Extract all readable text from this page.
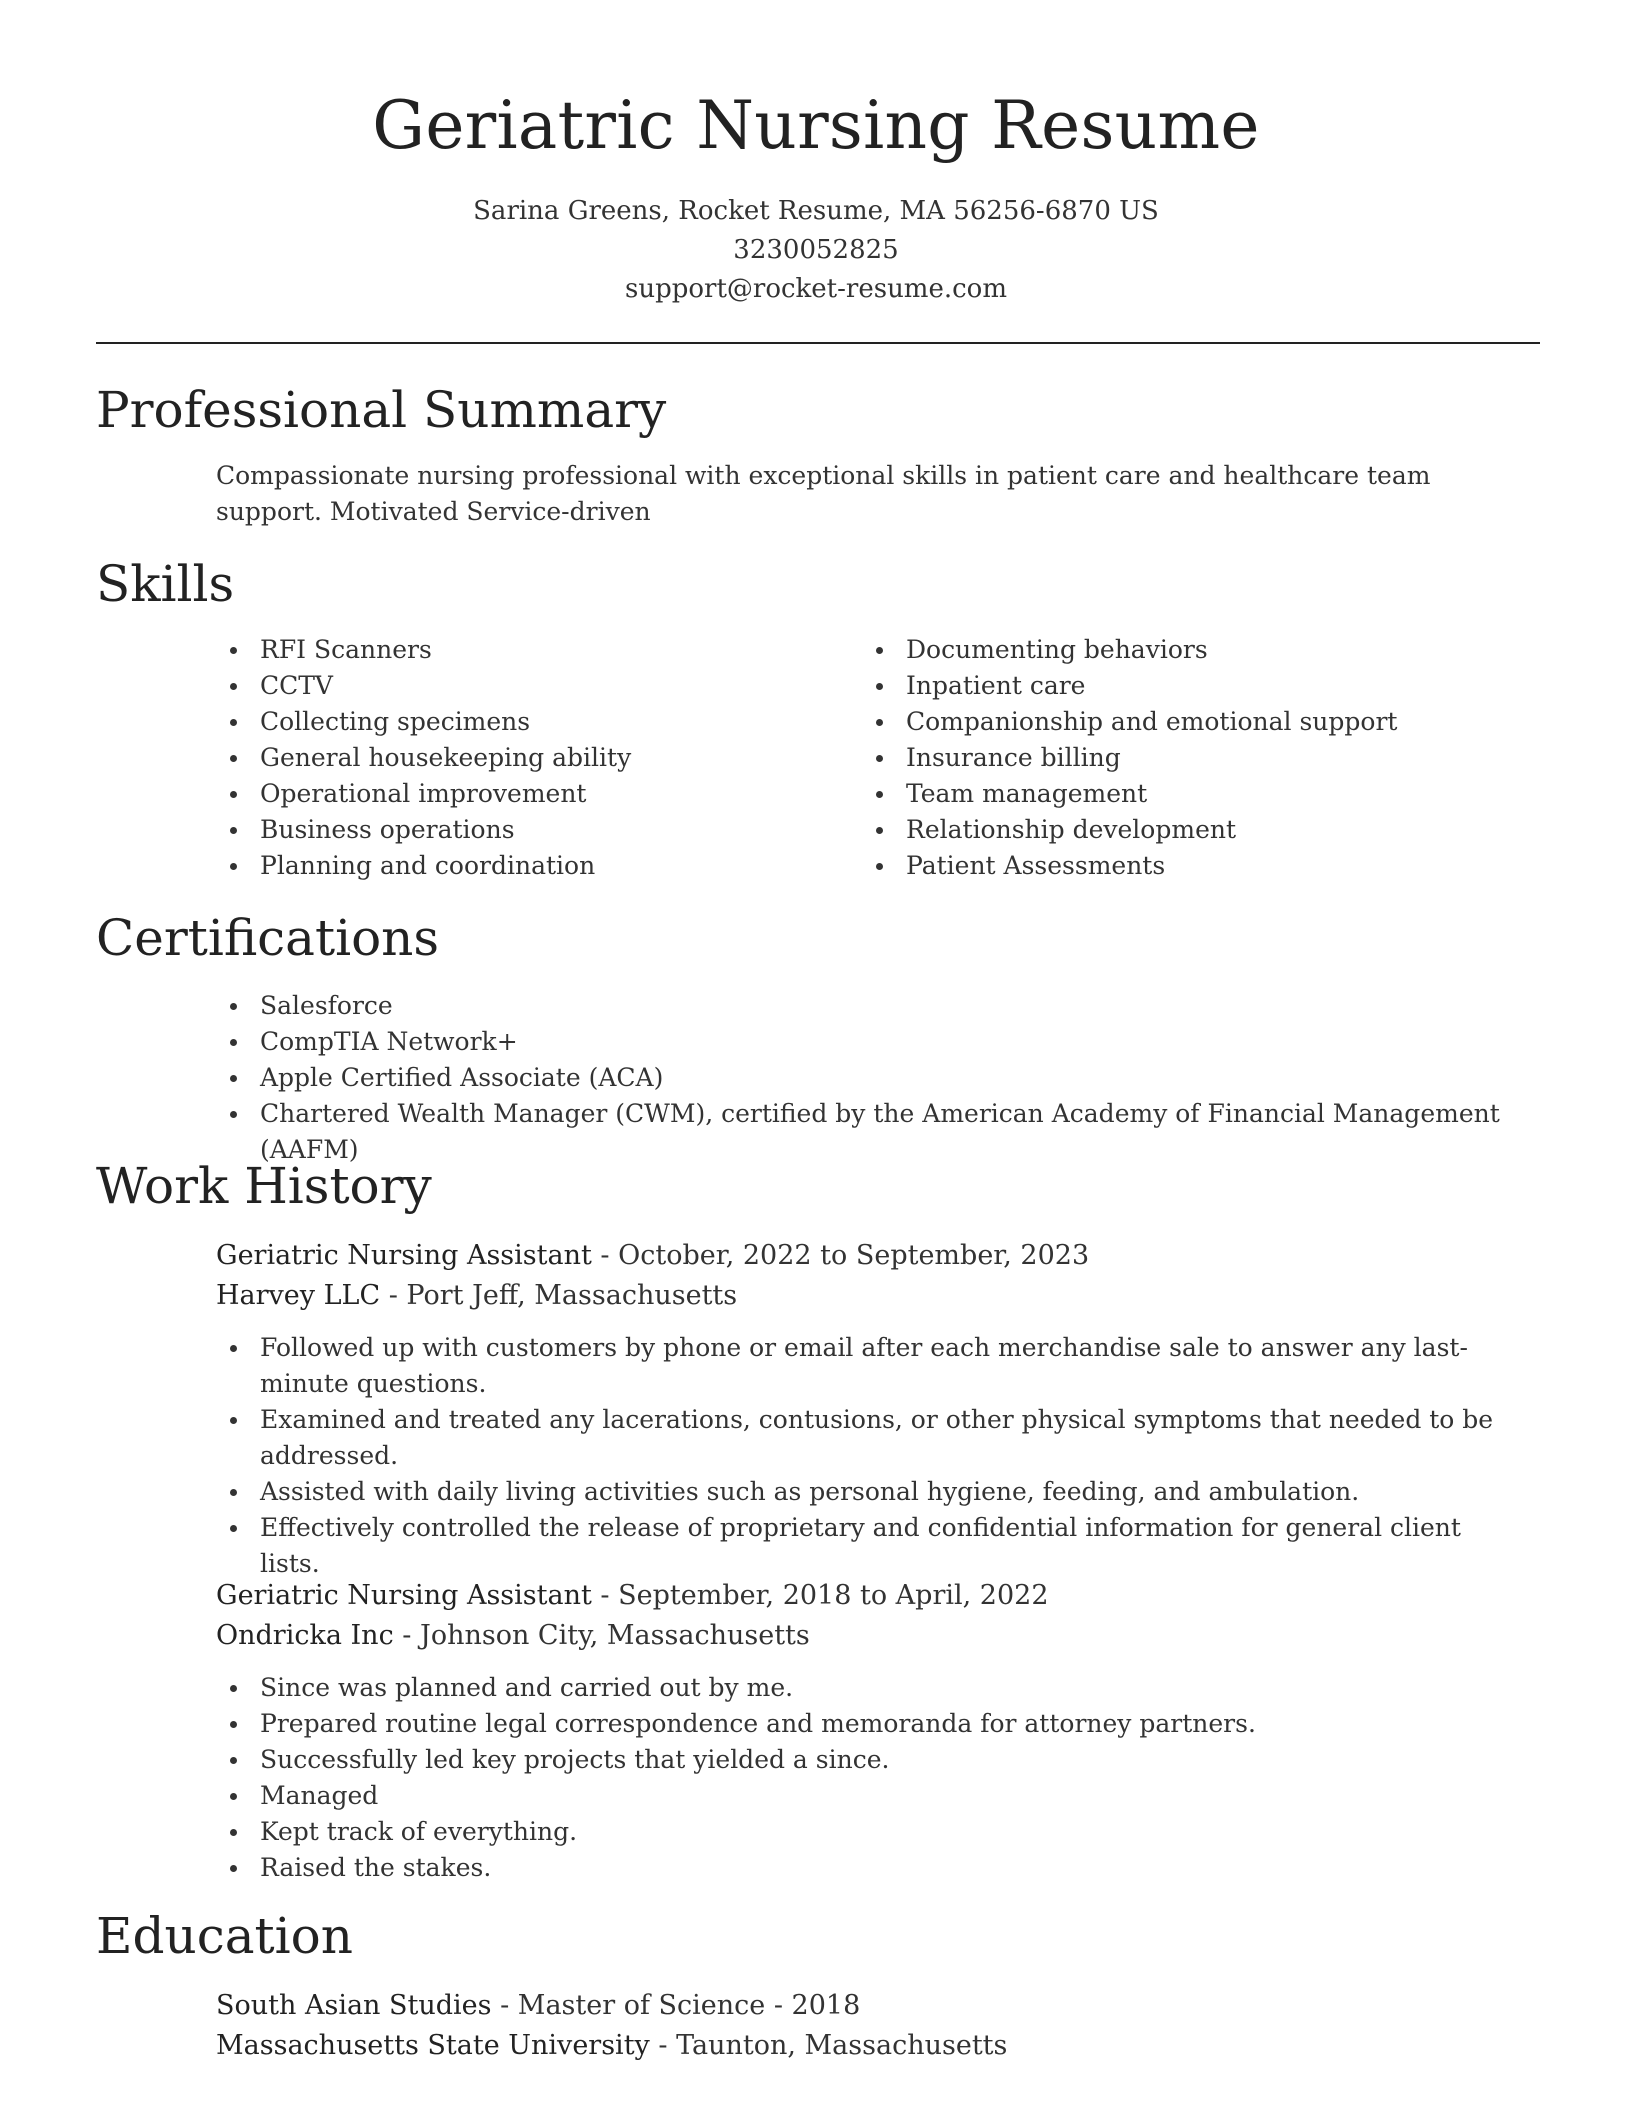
Geriatric Nursing Resume
Sarina Greens, Rocket Resume, MA 56256-6870 US
3230052825
support@rocket-resume.com
Professional Summary
Compassionate nursing professional with exceptional skills in patient care and healthcare team support. Motivated Service-driven
Skills
RFI Scanners
CCTV
Collecting specimens
General housekeeping ability
Operational improvement
Business operations
Planning and coordination
Documenting behaviors
Inpatient care
Companionship and emotional support
Insurance billing
Team management
Relationship development
Patient Assessments
Certifications
Salesforce
CompTIA Network+
Apple Certified Associate (ACA)
Chartered Wealth Manager (CWM), certified by the American Academy of Financial Management (AAFM)
Work History
Geriatric Nursing Assistant - October, 2022 to September, 2023
Harvey LLC - Port Jeff, Massachusetts
Followed up with customers by phone or email after each merchandise sale to answer any last-minute questions.
Examined and treated any lacerations, contusions, or other physical symptoms that needed to be addressed.
Assisted with daily living activities such as personal hygiene, feeding, and ambulation.
Effectively controlled the release of proprietary and confidential information for general client lists.
Geriatric Nursing Assistant - September, 2018 to April, 2022
Ondricka Inc - Johnson City, Massachusetts
Since was planned and carried out by me.
Prepared routine legal correspondence and memoranda for attorney partners.
Successfully led key projects that yielded a since.
Managed
Kept track of everything.
Raised the stakes.
Education
South Asian Studies - Master of Science - 2018
Massachusetts State University - Taunton, Massachusetts
